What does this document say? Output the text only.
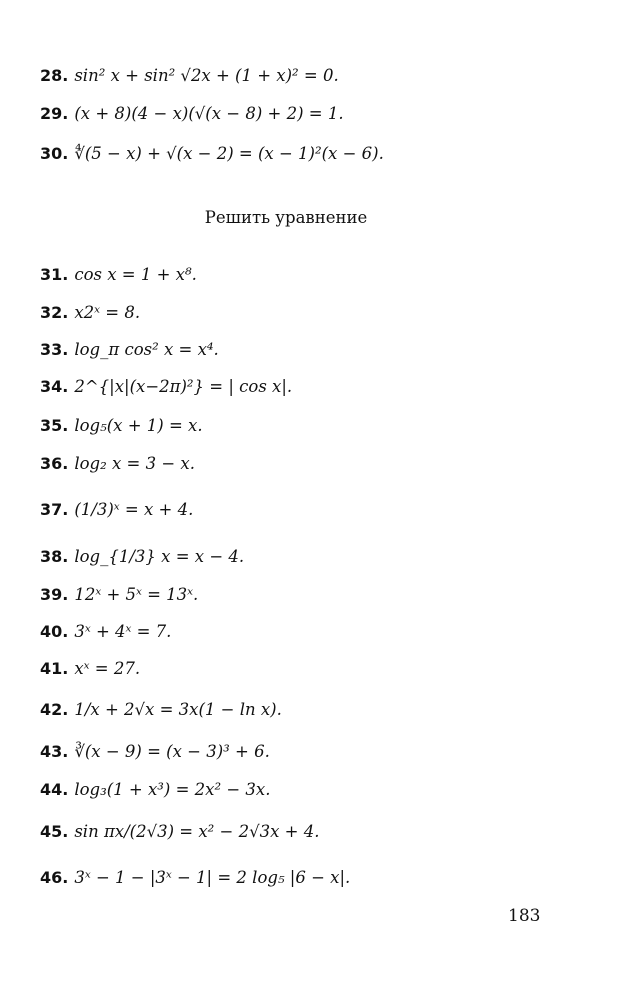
28. sin² x + sin² √2x + (1 + x)² = 0.
29. (x + 8)(4 − x)(√(x − 8) + 2) = 1.
30. ∜(5 − x) + √(x − 2) = (x − 1)²(x − 6).
Решить уравнение
31. cos x = 1 + x⁸.
32. x2ˣ = 8.
33. log_π cos² x = x⁴.
34. 2^{|x|(x−2π)²} = | cos x|.
35. log₅(x + 1) = x.
36. log₂ x = 3 − x.
37. (1/3)ˣ = x + 4.
38. log_{1/3} x = x − 4.
39. 12ˣ + 5ˣ = 13ˣ.
40. 3ˣ + 4ˣ = 7.
41. xˣ = 27.
42. 1/x + 2√x = 3x(1 − ln x).
43. ∛(x − 9) = (x − 3)³ + 6.
44. log₃(1 + x³) = 2x² − 3x.
45. sin πx/(2√3) = x² − 2√3x + 4.
46. 3ˣ − 1 − |3ˣ − 1| = 2 log₅ |6 − x|.
183
